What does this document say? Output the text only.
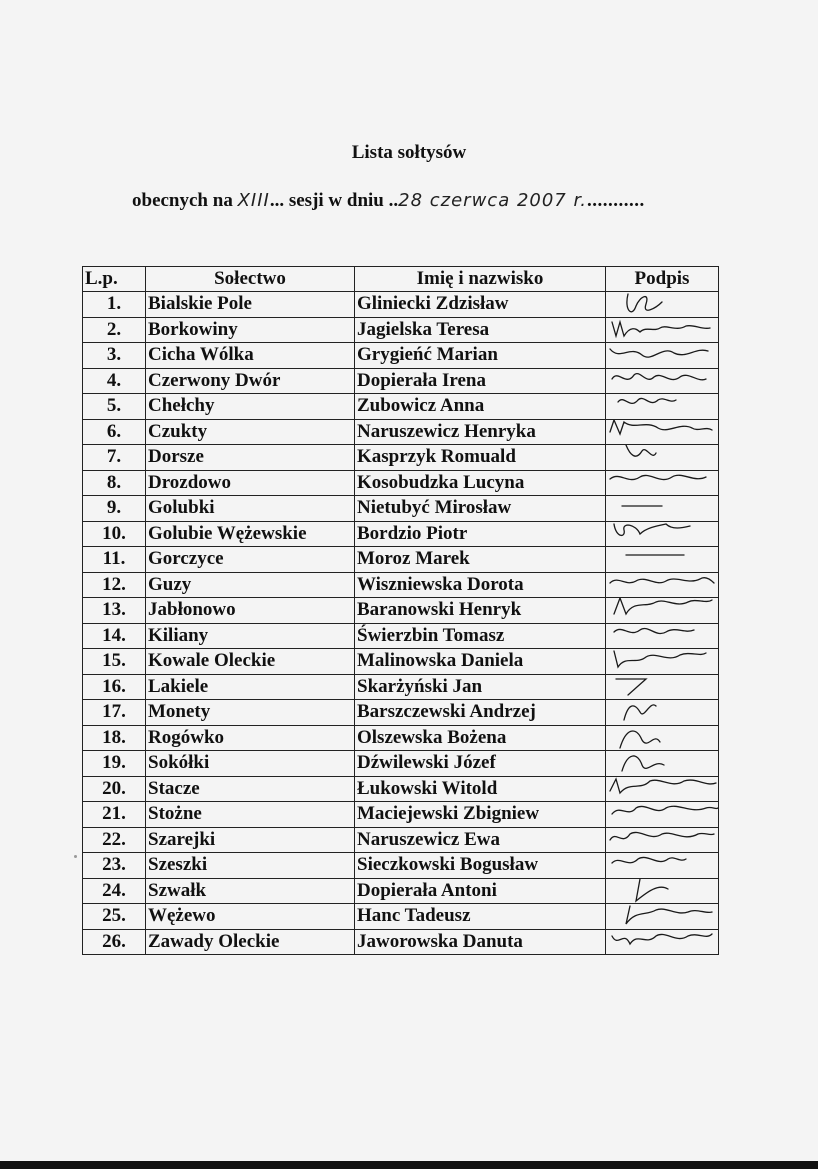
Lista sołtysów
obecnych na XIII... sesji w dniu ..28 czerwca 2007 r............
L.p.	Sołectwo	Imię i nazwisko	Podpis
1.	Bialskie Pole	Gliniecki Zdzisław	

2.	Borkowiny	Jagielska Teresa	

3.	Cicha Wólka	Grygieńć Marian	

4.	Czerwony Dwór	Dopierała Irena	

5.	Chełchy	Zubowicz Anna	

6.	Czukty	Naruszewicz Henryka	

7.	Dorsze	Kasprzyk Romuald	

8.	Drozdowo	Kosobudzka Lucyna	

9.	Golubki	Nietubyć Mirosław	

10.	Golubie Wężewskie	Bordzio Piotr	

11.	Gorczyce	Moroz Marek	

12.	Guzy	Wiszniewska Dorota	

13.	Jabłonowo	Baranowski Henryk	

14.	Kiliany	Świerzbin Tomasz	

15.	Kowale Oleckie	Malinowska Daniela	

16.	Lakiele	Skarżyński Jan	

17.	Monety	Barszczewski Andrzej	

18.	Rogówko	Olszewska Bożena	

19.	Sokółki	Dźwilewski Józef	

20.	Stacze	Łukowski Witold	

21.	Stożne	Maciejewski Zbigniew	

22.	Szarejki	Naruszewicz Ewa	

23.	Szeszki	Sieczkowski Bogusław	

24.	Szwałk	Dopierała Antoni	

25.	Wężewo	Hanc Tadeusz	

26.	Zawady Oleckie	Jaworowska Danuta	
